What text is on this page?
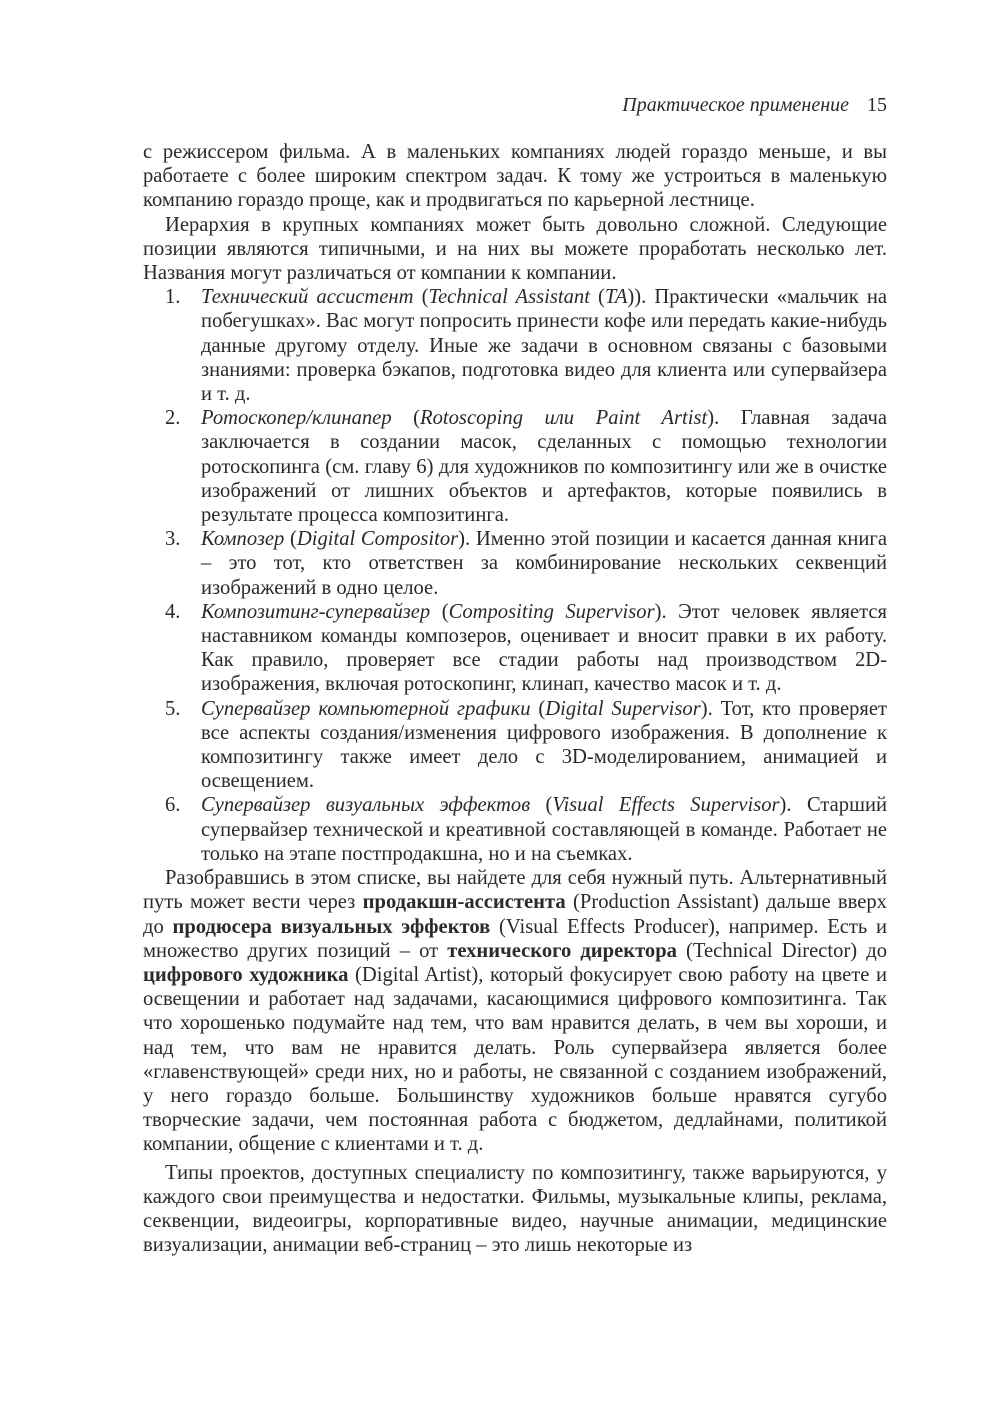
Практическое применение 15

с режиссером фильма. А в маленьких компаниях людей гораздо меньше, и вы работаете с более широким спектром задач. К тому же устроиться в маленькую компанию гораздо проще, как и продвигаться по карьерной лестнице.

Иерархия в крупных компаниях может быть довольно сложной. Следующие позиции являются типичными, и на них вы можете проработать несколько лет. Названия могут различаться от компании к компании.

1. Технический ассистент (Technical Assistant (TA)). Практически «мальчик на побегушках». Вас могут попросить принести кофе или передать какие-нибудь данные другому отделу. Иные же задачи в основном связаны с базовыми знаниями: проверка бэкапов, подготовка видео для клиента или супервайзера и т. д.
2. Ротоскопер/клинапер (Rotoscoping или Paint Artist). Главная задача заключается в создании масок, сделанных с помощью технологии ротоскопинга (см. главу 6) для художников по композитингу или же в очистке изображений от лишних объектов и артефактов, которые появились в результате процесса композитинга.
3. Композер (Digital Compositor). Именно этой позиции и касается данная книга – это тот, кто ответствен за комбинирование нескольких секвенций изображений в одно целое.
4. Композитинг-супервайзер (Compositing Supervisor). Этот человек является наставником команды композеров, оценивает и вносит правки в их работу. Как правило, проверяет все стадии работы над производством 2D-изображения, включая ротоскопинг, клинап, качество масок и т. д.
5. Супервайзер компьютерной графики (Digital Supervisor). Тот, кто проверяет все аспекты создания/изменения цифрового изображения. В дополнение к композитингу также имеет дело с 3D-моделированием, анимацией и освещением.
6. Супервайзер визуальных эффектов (Visual Effects Supervisor). Старший супервайзер технической и креативной составляющей в команде. Работает не только на этапе постпродакшна, но и на съемках.

Разобравшись в этом списке, вы найдете для себя нужный путь. Альтернативный путь может вести через продакшн-ассистента (Production Assistant) дальше вверх до продюсера визуальных эффектов (Visual Effects Producer), например. Есть и множество других позиций – от технического директора (Technical Director) до цифрового художника (Digital Artist), который фокусирует свою работу на цвете и освещении и работает над задачами, касающимися цифрового композитинга. Так что хорошенько подумайте над тем, что вам нравится делать, в чем вы хороши, и над тем, что вам не нравится делать. Роль супервайзера является более «главенствующей» среди них, но и работы, не связанной с созданием изображений, у него гораздо больше. Большинству художников больше нравятся сугубо творческие задачи, чем постоянная работа с бюджетом, дедлайнами, политикой компании, общение с клиентами и т. д.

Типы проектов, доступных специалисту по композитингу, также варьируются, у каждого свои преимущества и недостатки. Фильмы, музыкальные клипы, реклама, секвенции, видеоигры, корпоративные видео, научные анимации, медицинские визуализации, анимации веб-страниц – это лишь некоторые из
